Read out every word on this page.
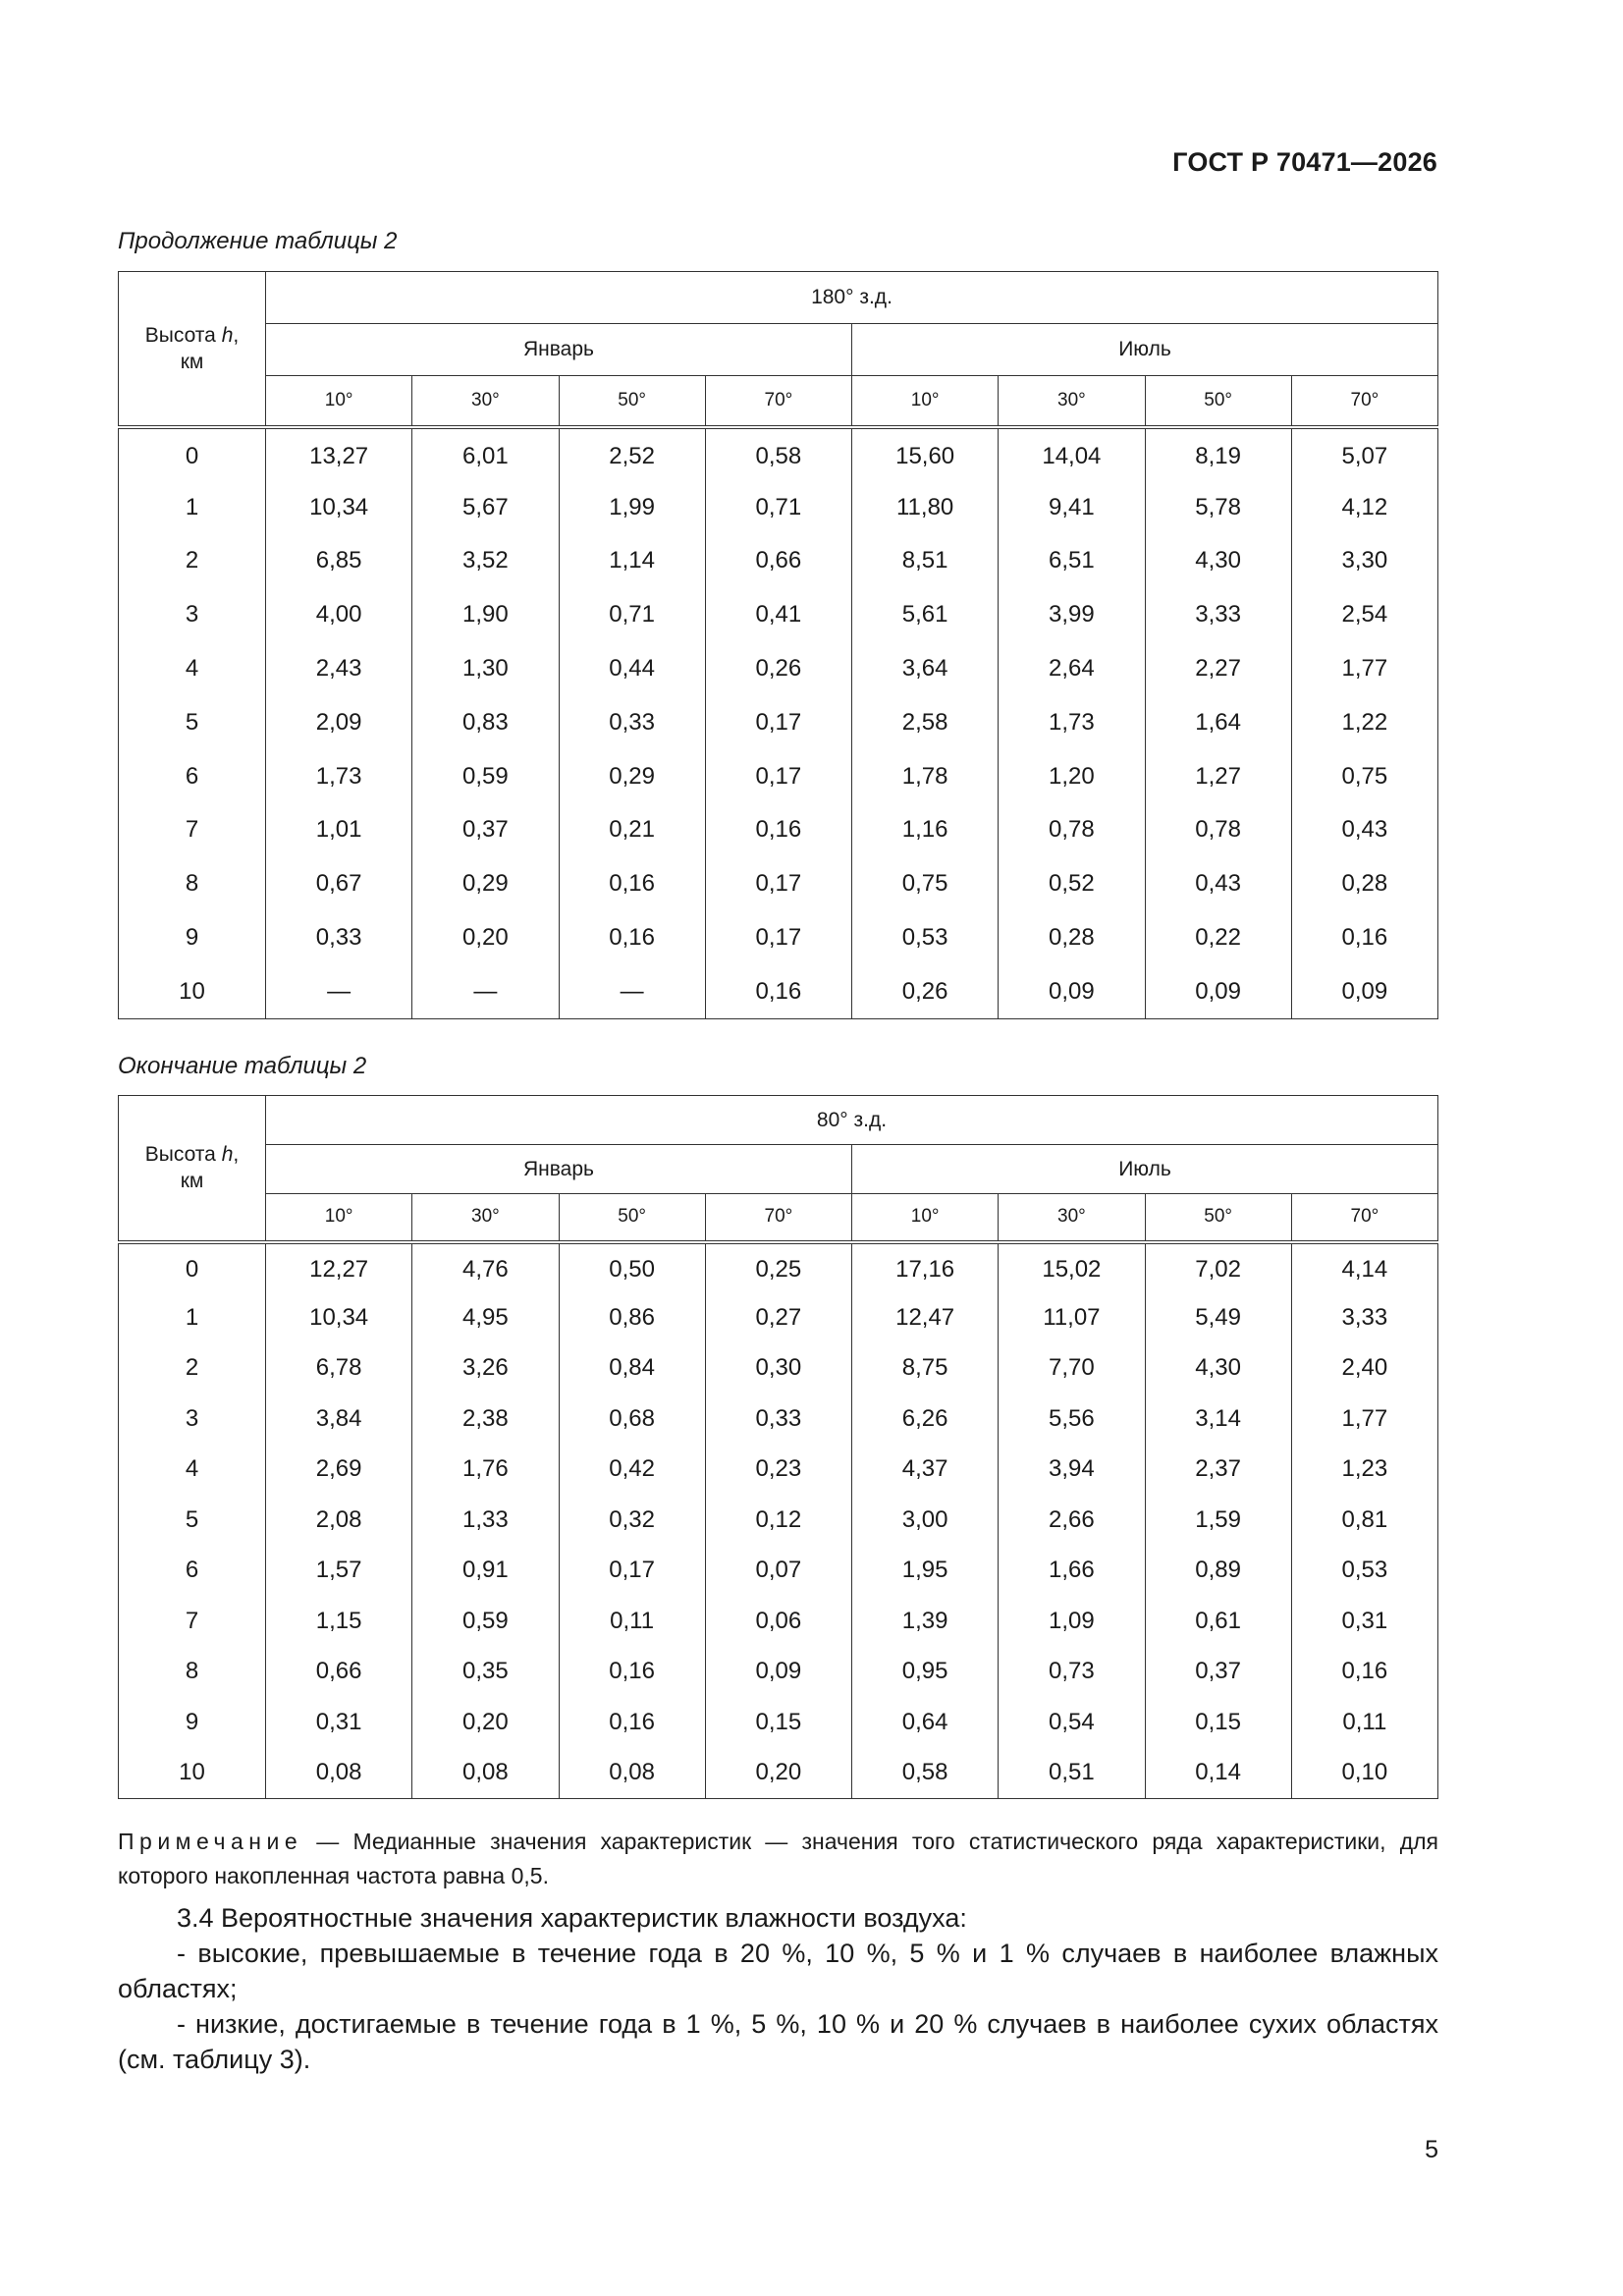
ГОСТ Р 70471—2026
Продолжение таблицы 2
Высота h,
км	180° з.д.							
	Январь				Июль			
	10°	30°	50°	70°	10°	30°	50°	70°
0	13,27	6,01	2,52	0,58	15,60	14,04	8,19	5,07
1	10,34	5,67	1,99	0,71	11,80	9,41	5,78	4,12
2	6,85	3,52	1,14	0,66	8,51	6,51	4,30	3,30
3	4,00	1,90	0,71	0,41	5,61	3,99	3,33	2,54
4	2,43	1,30	0,44	0,26	3,64	2,64	2,27	1,77
5	2,09	0,83	0,33	0,17	2,58	1,73	1,64	1,22
6	1,73	0,59	0,29	0,17	1,78	1,20	1,27	0,75
7	1,01	0,37	0,21	0,16	1,16	0,78	0,78	0,43
8	0,67	0,29	0,16	0,17	0,75	0,52	0,43	0,28
9	0,33	0,20	0,16	0,17	0,53	0,28	0,22	0,16
10	—	—	—	0,16	0,26	0,09	0,09	0,09
Окончание таблицы 2
Высота h,
км	80° з.д.							
	Январь				Июль			
	10°	30°	50°	70°	10°	30°	50°	70°
0	12,27	4,76	0,50	0,25	17,16	15,02	7,02	4,14
1	10,34	4,95	0,86	0,27	12,47	11,07	5,49	3,33
2	6,78	3,26	0,84	0,30	8,75	7,70	4,30	2,40
3	3,84	2,38	0,68	0,33	6,26	5,56	3,14	1,77
4	2,69	1,76	0,42	0,23	4,37	3,94	2,37	1,23
5	2,08	1,33	0,32	0,12	3,00	2,66	1,59	0,81
6	1,57	0,91	0,17	0,07	1,95	1,66	0,89	0,53
7	1,15	0,59	0,11	0,06	1,39	1,09	0,61	0,31
8	0,66	0,35	0,16	0,09	0,95	0,73	0,37	0,16
9	0,31	0,20	0,16	0,15	0,64	0,54	0,15	0,11
10	0,08	0,08	0,08	0,20	0,58	0,51	0,14	0,10
Примечание — Медианные значения характеристик — значения того статистического ряда характеристики, для которого накопленная частота равна 0,5.

3.4 Вероятностные значения характеристик влажности воздуха:

- высокие, превышаемые в течение года в 20 %, 10 %, 5 % и 1 % случаев в наиболее влажных областях;

- низкие, достигаемые в течение года в 1 %, 5 %, 10 % и 20 % случаев в наиболее сухих областях (см. таблицу 3).

5
